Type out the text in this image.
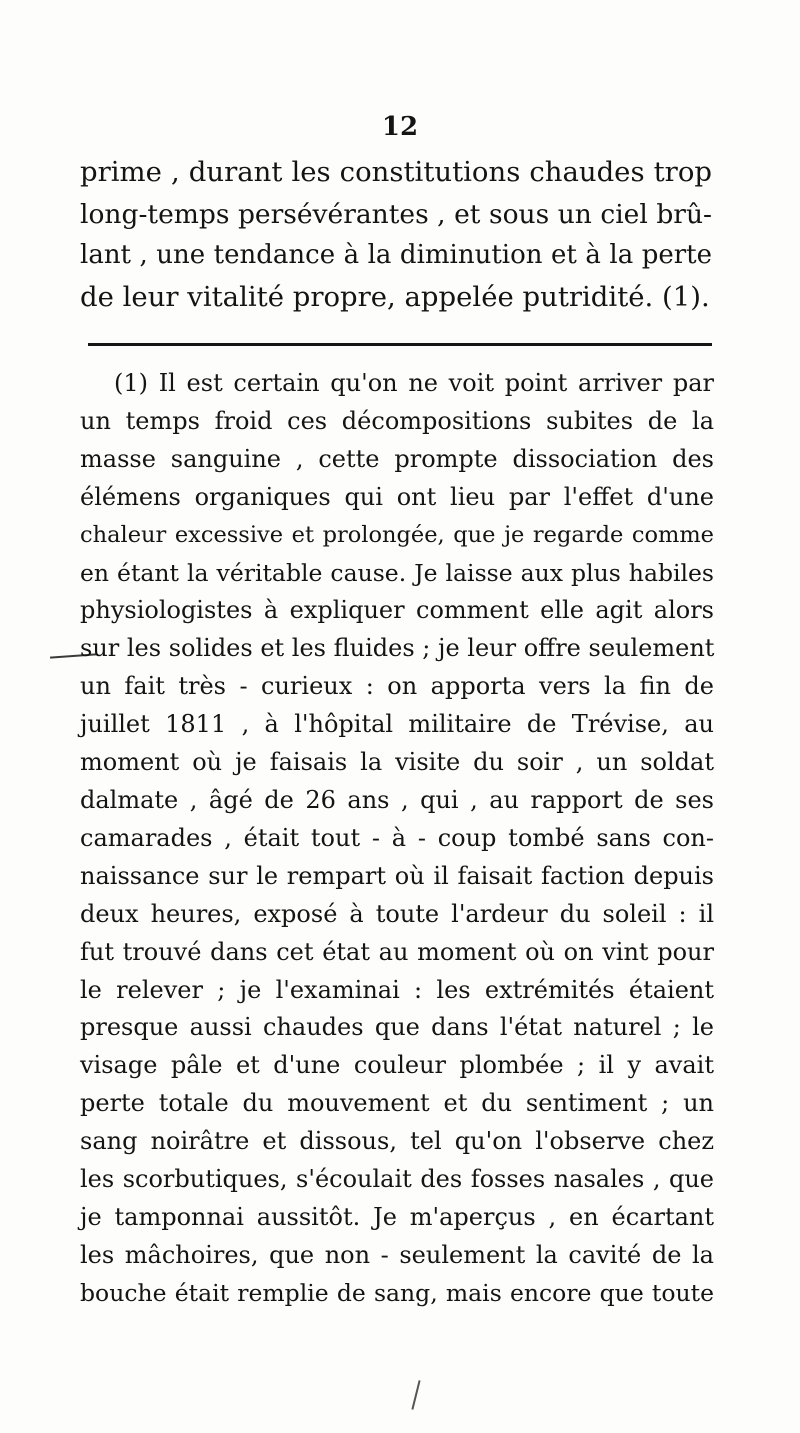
12
prime , durant les constitutions chaudes trop
long-temps persévérantes , et sous un ciel brû-
lant , une tendance à la diminution et à la perte
de leur vitalité propre, appelée putridité. (1).
(1) Il est certain qu'on ne voit point arriver par
un temps froid ces décompositions subites de la
masse sanguine , cette prompte dissociation des
élémens organiques qui ont lieu par l'effet d'une
chaleur excessive et prolongée, que je regarde comme
en étant la véritable cause. Je laisse aux plus habiles
physiologistes à expliquer comment elle agit alors
sur les solides et les fluides ; je leur offre seulement
un fait très - curieux : on apporta vers la fin de
juillet 1811 , à l'hôpital militaire de Trévise, au
moment où je faisais la visite du soir , un soldat
dalmate , âgé de 26 ans , qui , au rapport de ses
camarades , était tout - à - coup tombé sans con-
naissance sur le rempart où il faisait faction depuis
deux heures, exposé à toute l'ardeur du soleil : il
fut trouvé dans cet état au moment où on vint pour
le relever ; je l'examinai : les extrémités étaient
presque aussi chaudes que dans l'état naturel ; le
visage pâle et d'une couleur plombée ; il y avait
perte totale du mouvement et du sentiment ; un
sang noirâtre et dissous, tel qu'on l'observe chez
les scorbutiques, s'écoulait des fosses nasales , que
je tamponnai aussitôt. Je m'aperçus , en écartant
les mâchoires, que non - seulement la cavité de la
bouche était remplie de sang, mais encore que toute
